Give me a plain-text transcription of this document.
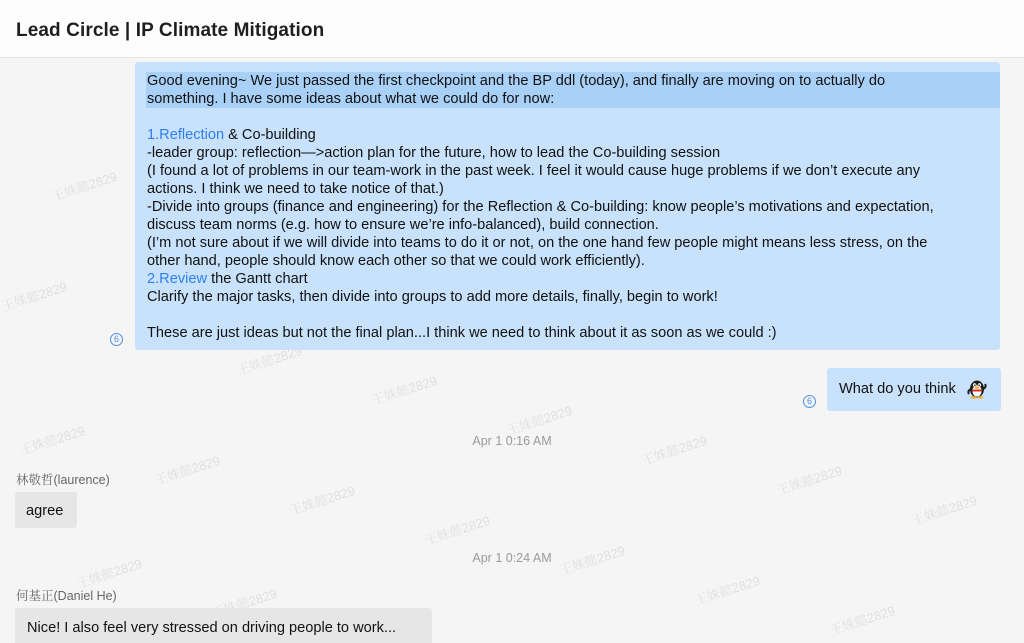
Lead Circle | IP Climate Mitigation
王姝懿2829
王姝懿2829
王姝懿2829
王姝懿2829
王姝懿2829
王姝懿2829
王姝懿2829
王姝懿2829
王姝懿2829
王姝懿2829
王姝懿2829
王姝懿2829
王姝懿2829
王姝懿2829
王姝懿2829
王姝懿2829
王姝懿2829
Good evening~ We just passed the first checkpoint and the BP ddl (today), and finally are moving on to actually do
something. I have some ideas about what we could do for now:
1.Reflection & Co-building
-leader group: reflection—>action plan for the future, how to lead the Co-building session
(I found a lot of problems in our team-work in the past week. I feel it would cause huge problems if we don’t execute any
actions. I think we need to take notice of that.)
-Divide into groups (finance and engineering) for the Reflection & Co-building: know people’s motivations and expectation,
discuss team norms (e.g. how to ensure we’re info-balanced), build connection.
(I’m not sure about if we will divide into teams to do it or not, on the one hand few people might means less stress, on the
other hand, people should know each other so that we could work efficiently).
2.Review the Gantt chart
Clarify the major tasks, then divide into groups to add more details, finally, begin to work!
These are just ideas but not the final plan...I think we need to think about it as soon as we could :)
6
6
What do you think
Apr 1 0:16 AM
林敬哲(laurence)
agree
Apr 1 0:24 AM
何基正(Daniel He)
Nice! I also feel very stressed on driving people to work...
